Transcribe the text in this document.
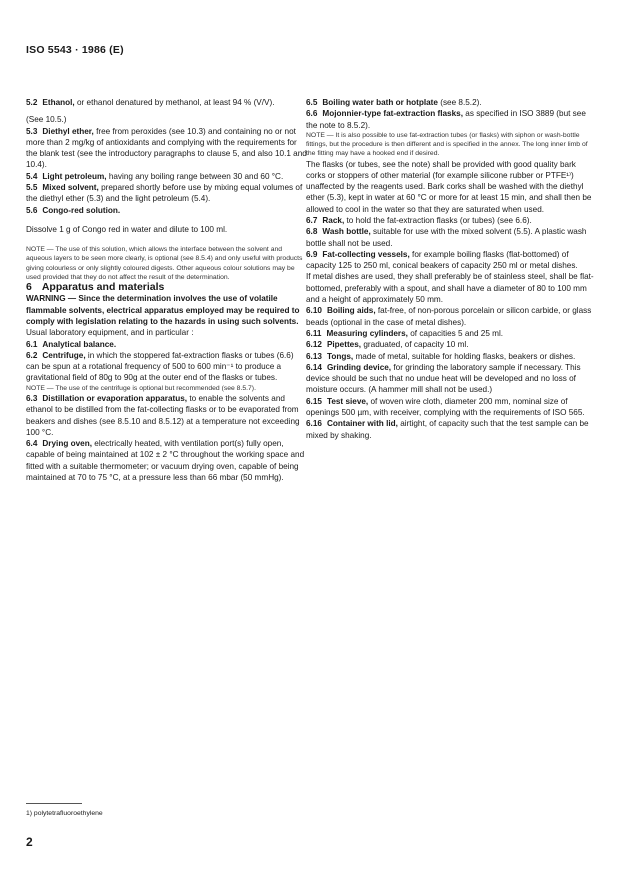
ISO 5543 · 1986 (E)

5.2 Ethanol, or ethanol denatured by methanol, at least 94 % (V/V).

(See 10.5.)

5.3 Diethyl ether, free from peroxides (see 10.3) and containing no or not more than 2 mg/kg of antioxidants and complying with the requirements for the blank test (see the introductory paragraphs to clause 5, and also 10.1 and 10.4).

5.4 Light petroleum, having any boiling range between 30 and 60 °C.

5.5 Mixed solvent, prepared shortly before use by mixing equal volumes of the diethyl ether (5.3) and the light petroleum (5.4).

5.6 Congo-red solution.

Dissolve 1 g of Congo red in water and dilute to 100 ml.

NOTE — The use of this solution, which allows the interface between the solvent and aqueous layers to be seen more clearly, is optional (see 8.5.4) and only useful with products giving colourless or only slightly coloured digests. Other aqueous colour solutions may be used provided that they do not affect the result of the determination.

6 Apparatus and materials

WARNING — Since the determination involves the use of volatile flammable solvents, electrical apparatus employed may be required to comply with legislation relating to the hazards in using such solvents.

Usual laboratory equipment, and in particular :

6.1 Analytical balance.

6.2 Centrifuge, in which the stoppered fat-extraction flasks or tubes (6.6) can be spun at a rotational frequency of 500 to 600 min⁻¹ to produce a gravitational field of 80g to 90g at the outer end of the flasks or tubes.

NOTE — The use of the centrifuge is optional but recommended (see 8.5.7).

6.3 Distillation or evaporation apparatus, to enable the solvents and ethanol to be distilled from the fat-collecting flasks or to be evaporated from beakers and dishes (see 8.5.10 and 8.5.12) at a temperature not exceeding 100 °C.

6.4 Drying oven, electrically heated, with ventilation port(s) fully open, capable of being maintained at 102 ± 2 °C throughout the working space and fitted with a suitable thermometer; or vacuum drying oven, capable of being maintained at 70 to 75 °C, at a pressure less than 66 mbar (50 mmHg).

6.5 Boiling water bath or hotplate (see 8.5.2).

6.6 Mojonnier-type fat-extraction flasks, as specified in ISO 3889 (but see the note to 8.5.2).

NOTE — It is also possible to use fat-extraction tubes (or flasks) with siphon or wash-bottle fittings, but the procedure is then different and is specified in the annex. The long inner limb of the fitting may have a hooked end if desired.

The flasks (or tubes, see the note) shall be provided with good quality bark corks or stoppers of other material (for example silicone rubber or PTFE¹⁾) unaffected by the reagents used. Bark corks shall be washed with the diethyl ether (5.3), kept in water at 60 °C or more for at least 15 min, and shall then be allowed to cool in the water so that they are saturated when used.

6.7 Rack, to hold the fat-extraction flasks (or tubes) (see 6.6).

6.8 Wash bottle, suitable for use with the mixed solvent (5.5). A plastic wash bottle shall not be used.

6.9 Fat-collecting vessels, for example boiling flasks (flat-bottomed) of capacity 125 to 250 ml, conical beakers of capacity 250 ml or metal dishes.

If metal dishes are used, they shall preferably be of stainless steel, shall be flat-bottomed, preferably with a spout, and shall have a diameter of 80 to 100 mm and a height of approximately 50 mm.

6.10 Boiling aids, fat-free, of non-porous porcelain or silicon carbide, or glass beads (optional in the case of metal dishes).

6.11 Measuring cylinders, of capacities 5 and 25 ml.

6.12 Pipettes, graduated, of capacity 10 ml.

6.13 Tongs, made of metal, suitable for holding flasks, beakers or dishes.

6.14 Grinding device, for grinding the laboratory sample if necessary. This device should be such that no undue heat will be developed and no loss of moisture occurs. (A hammer mill shall not be used.)

6.15 Test sieve, of woven wire cloth, diameter 200 mm, nominal size of openings 500 µm, with receiver, complying with the requirements of ISO 565.

6.16 Container with lid, airtight, of capacity such that the test sample can be mixed by shaking.

1) polytetrafluoroethylene
2
